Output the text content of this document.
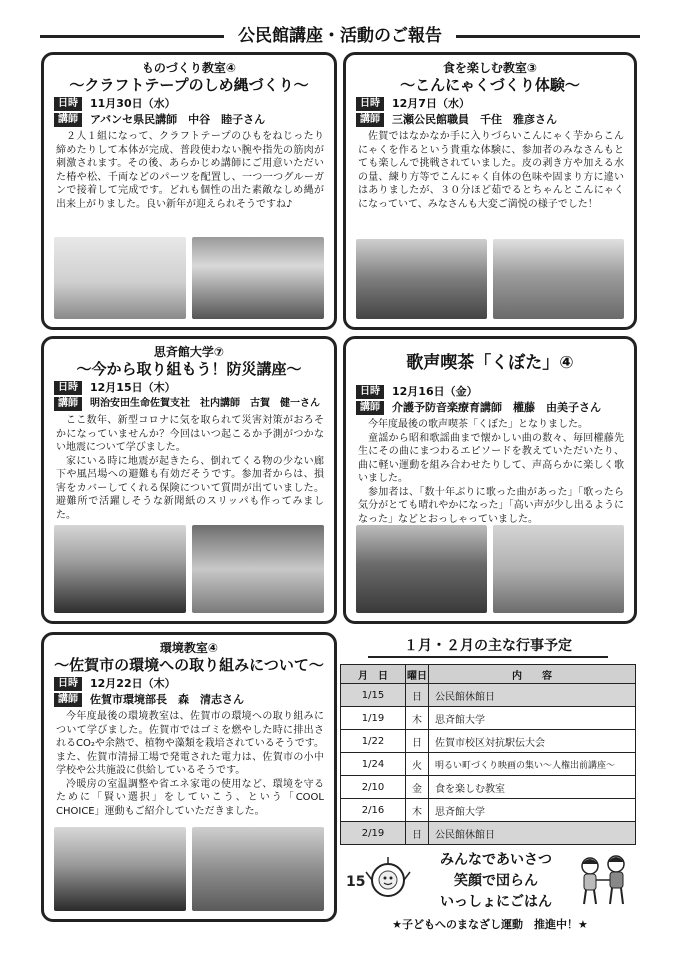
公民館講座・活動のご報告
ものづくり教室④
〜クラフトテープのしめ縄づくり〜
日時	11月30日（水）
講師	アバンセ県民講師　中谷　睦子さん

２人１組になって、クラフトテープのひもをねじったり締めたりして本体が完成、普段使わない腕や指先の筋肉が刺激されます。その後、あらかじめ講師にご用意いただいた椿や松、千両などのパーツを配置し、一つ一つグルーガンで接着して完成です。どれも個性の出た素敵なしめ縄が出来上がりました。良い新年が迎えられそうですね♪

食を楽しむ教室③
〜こんにゃくづくり体験〜
日時	12月7日（水）
講師	三瀬公民館職員　千住　雅彦さん

佐賀ではなかなか手に入りづらいこんにゃく芋からこんにゃくを作るという貴重な体験に、参加者のみなさんもとても楽しんで挑戦されていました。皮の剥き方や加える水の量、練り方等でこんにゃく自体の色味や固まり方に違いはありましたが、３０分ほど茹でるとちゃんとこんにゃくになっていて、みなさんも大変ご満悦の様子でした！

思斉館大学⑦
〜今から取り組もう！防災講座〜
日時	12月15日（木）
講師	明治安田生命佐賀支社　社内講師　古賀　健一さん

ここ数年、新型コロナに気を取られて災害対策がおろそかになっていませんか？今回はいつ起こるか予測がつかない地震について学びました。

家にいる時に地震が起きたら、倒れてくる物の少ない廊下や風呂場への避難も有効だそうです。参加者からは、損害をカバーしてくれる保険について質問が出ていました。避難所で活躍しそうな新聞紙のスリッパも作ってみました。

歌声喫茶「くぼた」④
日時	12月16日（金）
講師	介護予防音楽療育講師　權藤　由美子さん

今年度最後の歌声喫茶「くぼた」となりました。

童謡から昭和歌謡曲まで懐かしい曲の数々、毎回權藤先生にその曲にまつわるエピソードを教えていただいたり、曲に軽い運動を組み合わせたりして、声高らかに楽しく歌いました。

参加者は、「数十年ぶりに歌った曲があった」「歌ったら気分がとても晴れやかになった」「高い声が少し出るようになった」などとおっしゃっていました。

環境教室④
〜佐賀市の環境への取り組みについて〜
日時	12月22日（木）
講師	佐賀市環境部長　森　清志さん

今年度最後の環境教室は、佐賀市の環境への取り組みについて学びました。佐賀市ではゴミを燃やした時に排出されるCO₂や余熱で、植物や藻類を栽培されているそうです。また、佐賀市清掃工場で発電された電力は、佐賀市の小中学校や公共施設に供給しているそうです。

冷暖房の室温調整や省エネ家電の使用など、環境を守るために「賢い選択」をしていこう、という「COOL CHOICE」運動もご紹介していただきました。

１月・２月の主な行事予定
月　日	曜日	内　　容
1/15	日	公民館休館日
1/19	木	思斉館大学
1/22	日	佐賀市校区対抗駅伝大会
1/24	火	明るい町づくり映画の集い〜人権出前講座〜
2/10	金	食を楽しむ教室
2/16	木	思斉館大学
2/19	日	公民館休館日
15
みんなであいさつ
笑顔で団らん
いっしょにごはん
★子どもへのまなざし運動　推進中！★
